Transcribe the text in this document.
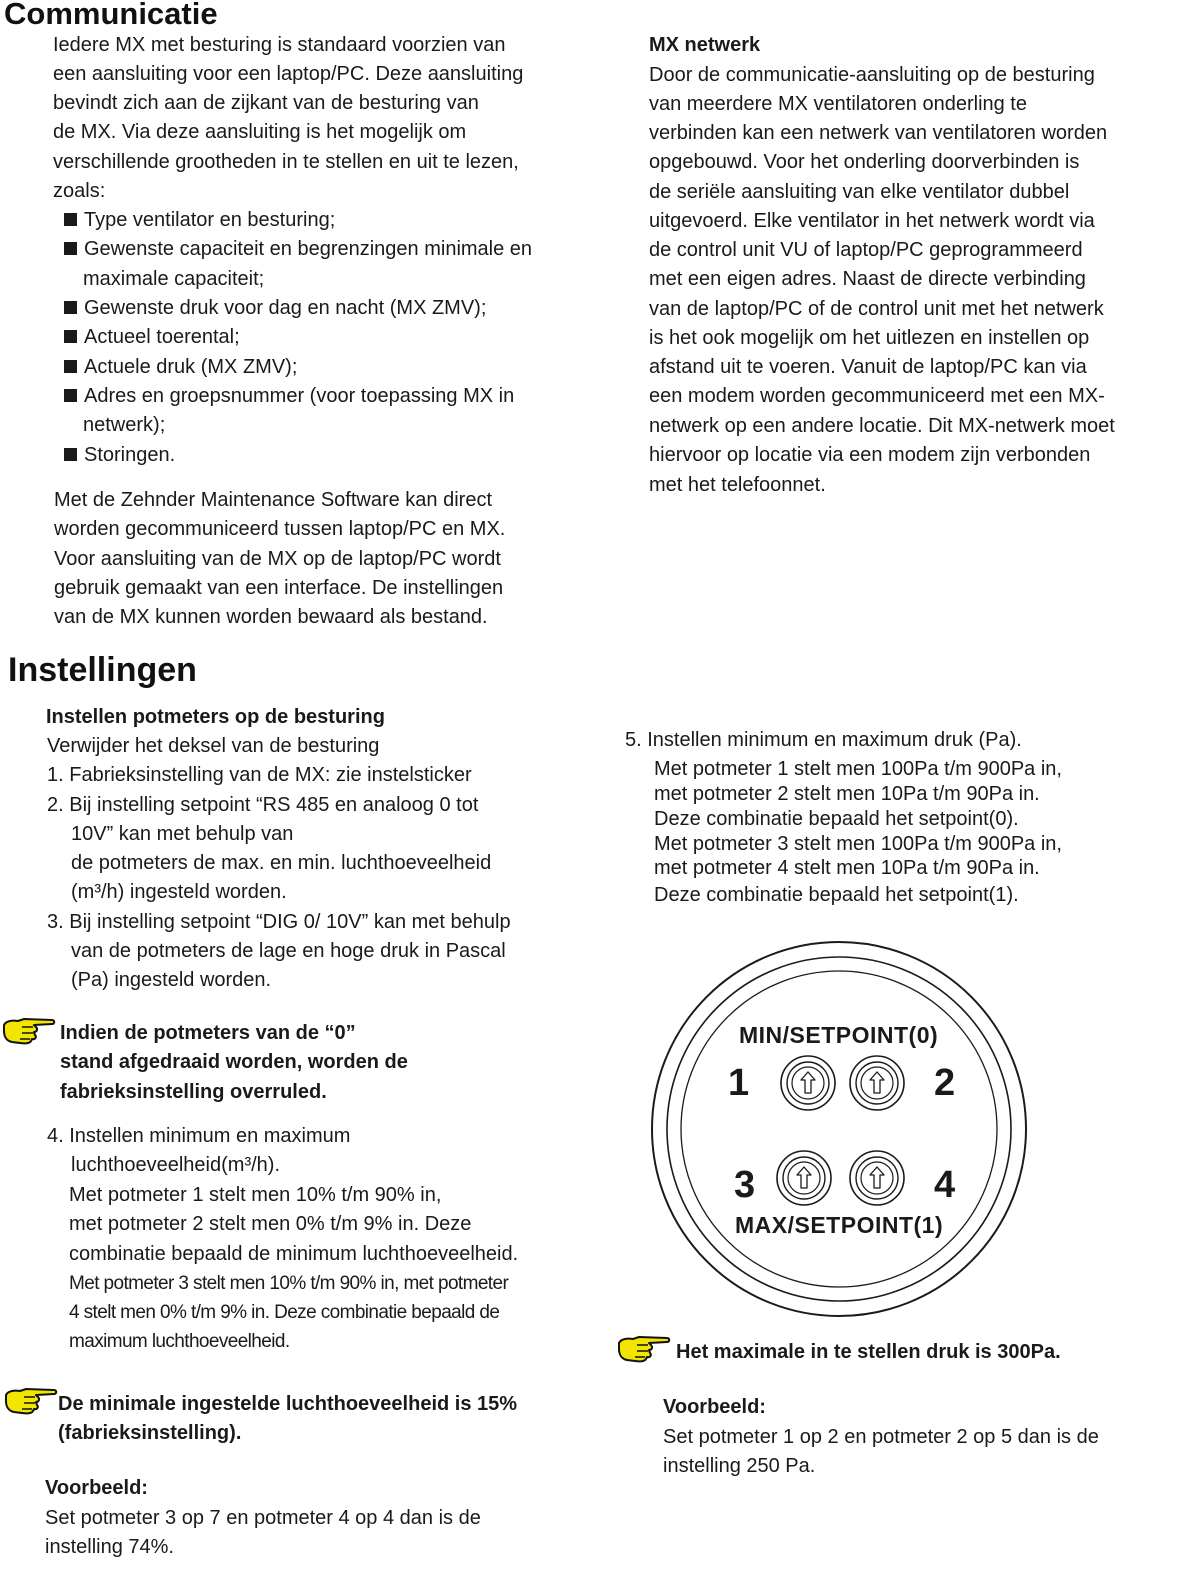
Communicatie
Iedere MX met besturing is standaard voorzien van
een aansluiting voor een laptop/PC. Deze aansluiting
bevindt zich aan de zijkant van de besturing van
de MX. Via deze aansluiting is het mogelijk om
verschillende grootheden in te stellen en uit te lezen,
zoals:
Type ventilator en besturing;
Gewenste capaciteit en begrenzingen minimale en
maximale capaciteit;
Gewenste druk voor dag en nacht (MX ZMV);
Actueel toerental;
Actuele druk (MX ZMV);
Adres en groepsnummer (voor toepassing MX in
netwerk);
Storingen.
Met de Zehnder Maintenance Software kan direct
worden gecommuniceerd tussen laptop/PC en MX.
Voor aansluiting van de MX op de laptop/PC wordt
gebruik gemaakt van een interface. De instellingen
van de MX kunnen worden bewaard als bestand.
Instellingen
Instellen potmeters op de besturing
Verwijder het deksel van de besturing
1. Fabrieksinstelling van de MX: zie instelsticker
2. Bij instelling setpoint “RS 485 en analoog 0 tot
10V” kan met behulp van
de potmeters de max. en min. luchthoeveelheid
(m³/h) ingesteld worden.
3. Bij instelling setpoint “DIG 0/ 10V” kan met behulp
van de potmeters de lage en hoge druk in Pascal
(Pa) ingesteld worden.
Indien de potmeters van de “0”
stand afgedraaid worden, worden de
fabrieksinstelling overruled.
4. Instellen minimum en maximum
luchthoeveelheid(m³/h).
Met potmeter 1 stelt men 10% t/m 90% in,
met potmeter 2 stelt men 0% t/m 9% in. Deze
combinatie bepaald de minimum luchthoeveelheid.
Met potmeter 3 stelt men 10% t/m 90% in, met potmeter
4 stelt men 0% t/m 9% in. Deze combinatie bepaald de
maximum luchthoeveelheid.
De minimale ingestelde luchthoeveelheid is 15%
(fabrieksinstelling).
Voorbeeld:
Set potmeter 3 op 7 en potmeter 4 op 4 dan is de
instelling 74%.
MX netwerk
Door de communicatie-aansluiting op de besturing
van meerdere MX ventilatoren onderling te
verbinden kan een netwerk van ventilatoren worden
opgebouwd. Voor het onderling doorverbinden is
de seriële aansluiting van elke ventilator dubbel
uitgevoerd. Elke ventilator in het netwerk wordt via
de control unit VU of laptop/PC geprogrammeerd
met een eigen adres. Naast de directe verbinding
van de laptop/PC of de control unit met het netwerk
is het ook mogelijk om het uitlezen en instellen op
afstand uit te voeren. Vanuit de laptop/PC kan via
een modem worden gecommuniceerd met een MX-
netwerk op een andere locatie. Dit MX-netwerk moet
hiervoor op locatie via een modem zijn verbonden
met het telefoonnet.
5. Instellen minimum en maximum druk (Pa).
Met potmeter 1 stelt men 100Pa t/m 900Pa in,
met potmeter 2 stelt men 10Pa t/m 90Pa in.
Deze combinatie bepaald het setpoint(0).
Met potmeter 3 stelt men 100Pa t/m 900Pa in,
met potmeter 4 stelt men 10Pa t/m 90Pa in.
Deze combinatie bepaald het setpoint(1).
MIN/SETPOINT(0)
MAX/SETPOINT(1)
1	2
3	4
Het maximale in te stellen druk is 300Pa.
Voorbeeld:
Set potmeter 1 op 2 en potmeter 2 op 5 dan is de
instelling 250 Pa.
